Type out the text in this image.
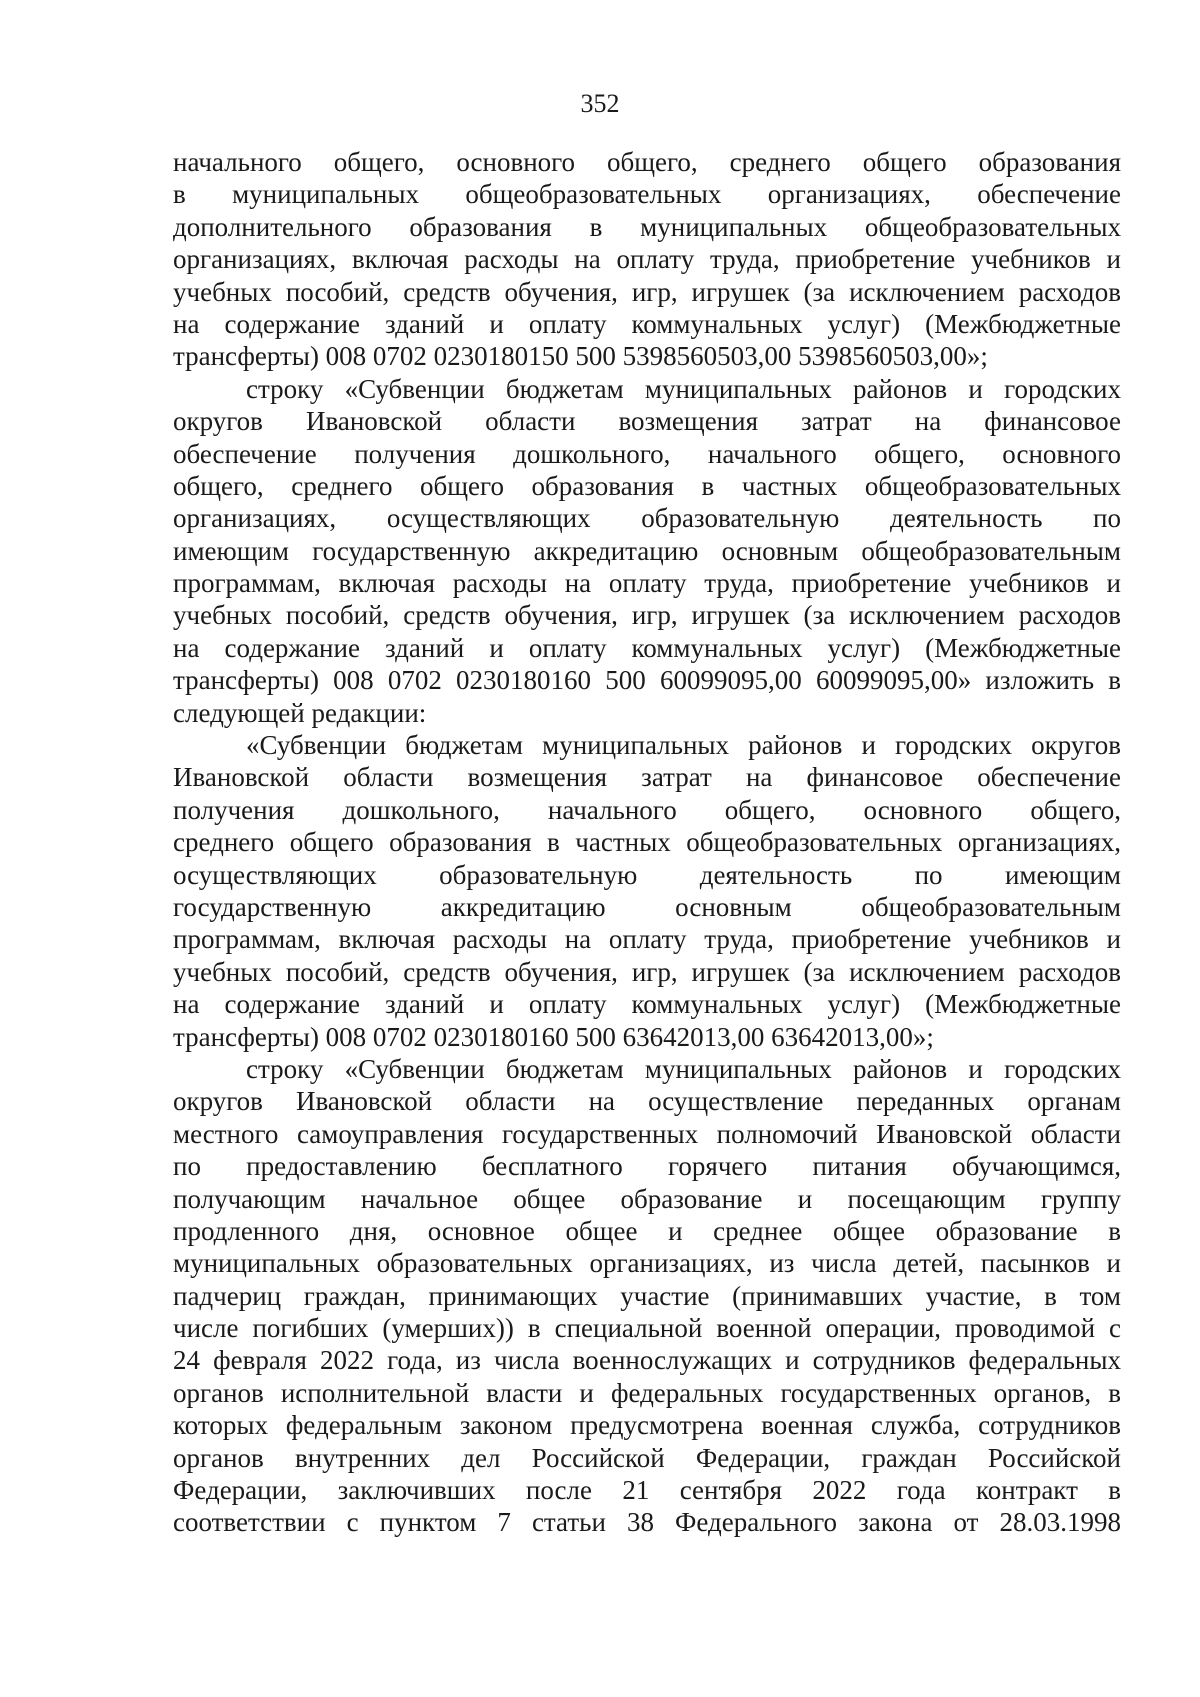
352
начального общего, основного общего, среднего общего образования
в муниципальных общеобразовательных организациях, обеспечение
дополнительного образования в муниципальных общеобразовательных
организациях, включая расходы на оплату труда, приобретение учебников и
учебных пособий, средств обучения, игр, игрушек (за исключением расходов
на содержание зданий и оплату коммунальных услуг) (Межбюджетные
трансферты) 008 0702 0230180150 500 5398560503,00 5398560503,00»;
строку «Субвенции бюджетам муниципальных районов и городских
округов Ивановской области возмещения затрат на финансовое
обеспечение получения дошкольного, начального общего, основного
общего, среднего общего образования в частных общеобразовательных
организациях, осуществляющих образовательную деятельность по
имеющим государственную аккредитацию основным общеобразовательным
программам, включая расходы на оплату труда, приобретение учебников и
учебных пособий, средств обучения, игр, игрушек (за исключением расходов
на содержание зданий и оплату коммунальных услуг) (Межбюджетные
трансферты) 008 0702 0230180160 500 60099095,00 60099095,00» изложить в
следующей редакции:
«Субвенции бюджетам муниципальных районов и городских округов
Ивановской области возмещения затрат на финансовое обеспечение
получения дошкольного, начального общего, основного общего,
среднего общего образования в частных общеобразовательных организациях,
осуществляющих образовательную деятельность по имеющим
государственную аккредитацию основным общеобразовательным
программам, включая расходы на оплату труда, приобретение учебников и
учебных пособий, средств обучения, игр, игрушек (за исключением расходов
на содержание зданий и оплату коммунальных услуг) (Межбюджетные
трансферты) 008 0702 0230180160 500 63642013,00 63642013,00»;
строку «Субвенции бюджетам муниципальных районов и городских
округов Ивановской области на осуществление переданных органам
местного самоуправления государственных полномочий Ивановской области
по предоставлению бесплатного горячего питания обучающимся,
получающим начальное общее образование и посещающим группу
продленного дня, основное общее и среднее общее образование в
муниципальных образовательных организациях, из числа детей, пасынков и
падчериц граждан, принимающих участие (принимавших участие, в том
числе погибших (умерших)) в специальной военной операции, проводимой с
24 февраля 2022 года, из числа военнослужащих и сотрудников федеральных
органов исполнительной власти и федеральных государственных органов, в
которых федеральным законом предусмотрена военная служба, сотрудников
органов внутренних дел Российской Федерации, граждан Российской
Федерации, заключивших после 21 сентября 2022 года контракт в
соответствии с пунктом 7 статьи 38 Федерального закона от 28.03.1998
